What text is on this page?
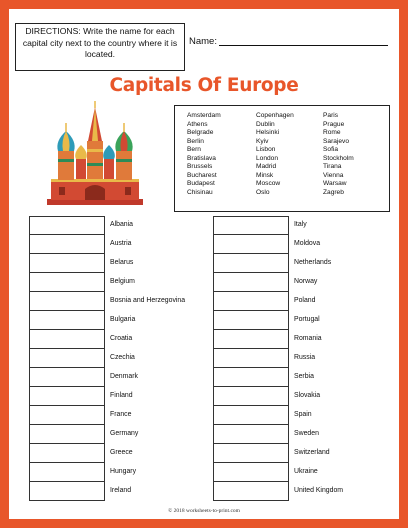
DIRECTIONS: Write the name for each capital city next to the country where it is located.
Name:
Capitals Of Europe
Amsterdam
Athens
Belgrade
Berlin
Bern
Bratislava
Brussels
Bucharest
Budapest
Chisinau
Copenhagen
Dublin
Helsinki
Kyiv
Lisbon
London
Madrid
Minsk
Moscow
Oslo
Paris
Prague
Rome
Sarajevo
Sofia
Stockholm
Tirana
Vienna
Warsaw
Zagreb
Albania
Austria
Belarus
Belgium
Bosnia and Herzegovina
Bulgaria
Croatia
Czechia
Denmark
Finland
France
Germany
Greece
Hungary
Ireland
Italy
Moldova
Netherlands
Norway
Poland
Portugal
Romania
Russia
Serbia
Slovakia
Spain
Sweden
Switzerland
Ukraine
United Kingdom
© 2018 worksheets-to-print.com
